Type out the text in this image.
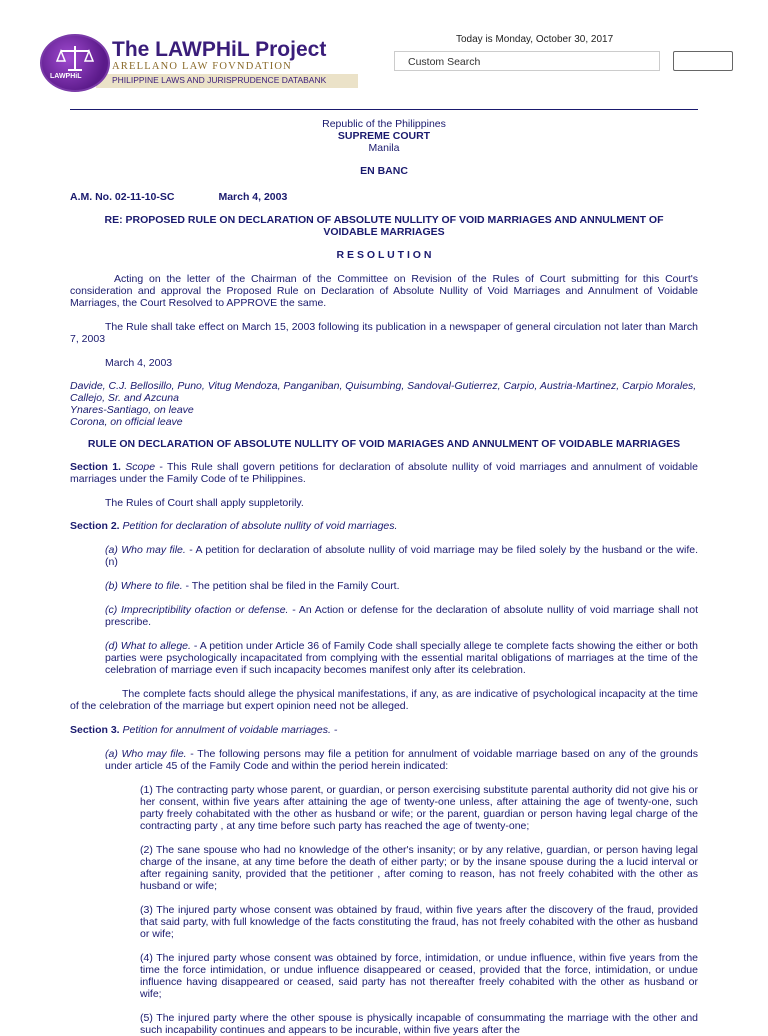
LAWPHiL
The LAWPHiL Project
ARELLANO LAW FOVNDATION
PHILIPPINE LAWS AND JURISPRUDENCE DATABANK
Today is Monday, October 30, 2017
Custom Search

Republic of the Philippines

SUPREME COURT

Manila

EN BANC

A.M. No. 02-11-10-SC	March 4, 2003

RE: PROPOSED RULE ON DECLARATION OF ABSOLUTE NULLITY OF VOID MARRIAGES AND ANNULMENT OF VOIDABLE MARRIAGES

R E S O L U T I O N

Acting on the letter of the Chairman of the Committee on Revision of the Rules of Court submitting for this Court's consideration and approval the Proposed Rule on Declaration of Absolute Nullity of Void Marriages and Annulment of Voidable Marriages, the Court Resolved to APPROVE the same.

The Rule shall take effect on March 15, 2003 following its publication in a newspaper of general circulation not later than March 7, 2003

March 4, 2003

Davide, C.J. Bellosillo, Puno, Vitug Mendoza, Panganiban, Quisumbing, Sandoval-Gutierrez, Carpio, Austria-Martinez, Carpio Morales, Callejo, Sr. and Azcuna

Ynares-Santiago, on leave

Corona, on official leave

RULE ON DECLARATION OF ABSOLUTE NULLITY OF VOID MARIAGES AND ANNULMENT OF VOIDABLE MARRIAGES

Section 1. Scope - This Rule shall govern petitions for declaration of absolute nullity of void marriages and annulment of voidable marriages under the Family Code of te Philippines.

The Rules of Court shall apply suppletorily.

Section 2. Petition for declaration of absolute nullity of void marriages.

(a) Who may file. - A petition for declaration of absolute nullity of void marriage may be filed solely by the husband or the wife. (n)

(b) Where to file. - The petition shal be filed in the Family Court.

(c) Imprecriptibility ofaction or defense. - An Action or defense for the declaration of absolute nullity of void marriage shall not prescribe.

(d) What to allege. - A petition under Article 36 of Family Code shall specially allege te complete facts showing the either or both parties were psychologically incapacitated from complying with the essential marital obligations of marriages at the time of the celebration of marriage even if such incapacity becomes manifest only after its celebration.

The complete facts should allege the physical manifestations, if any, as are indicative of psychological incapacity at the time of the celebration of the marriage but expert opinion need not be alleged.

Section 3. Petition for annulment of voidable marriages. -

(a) Who may file. - The following persons may file a petition for annulment of voidable marriage based on any of the grounds under article 45 of the Family Code and within the period herein indicated:

(1) The contracting party whose parent, or guardian, or person exercising substitute parental authority did not give his or her consent, within five years after attaining the age of twenty-one unless, after attaining the age of twenty-one, such party freely cohabitated with the other as husband or wife; or the parent, guardian or person having legal charge of the contracting party , at any time before such party has reached the age of twenty-one;

(2) The sane spouse who had no knowledge of the other's insanity; or by any relative, guardian, or person having legal charge of the insane, at any time before the death of either party; or by the insane spouse during the a lucid interval or after regaining sanity, provided that the petitioner , after coming to reason, has not freely cohabited with the other as husband or wife;

(3) The injured party whose consent was obtained by fraud, within five years after the discovery of the fraud, provided that said party, with full knowledge of the facts constituting the fraud, has not freely cohabited with the other as husband or wife;

(4) The injured party whose consent was obtained by force, intimidation, or undue influence, within five years from the time the force intimidation, or undue influence disappeared or ceased, provided that the force, intimidation, or undue influence having disappeared or ceased, said party has not thereafter freely cohabited with the other as husband or wife;

(5) The injured party where the other spouse is physically incapable of consummating the marriage with the other and such incapability continues and appears to be incurable, within five years after the
